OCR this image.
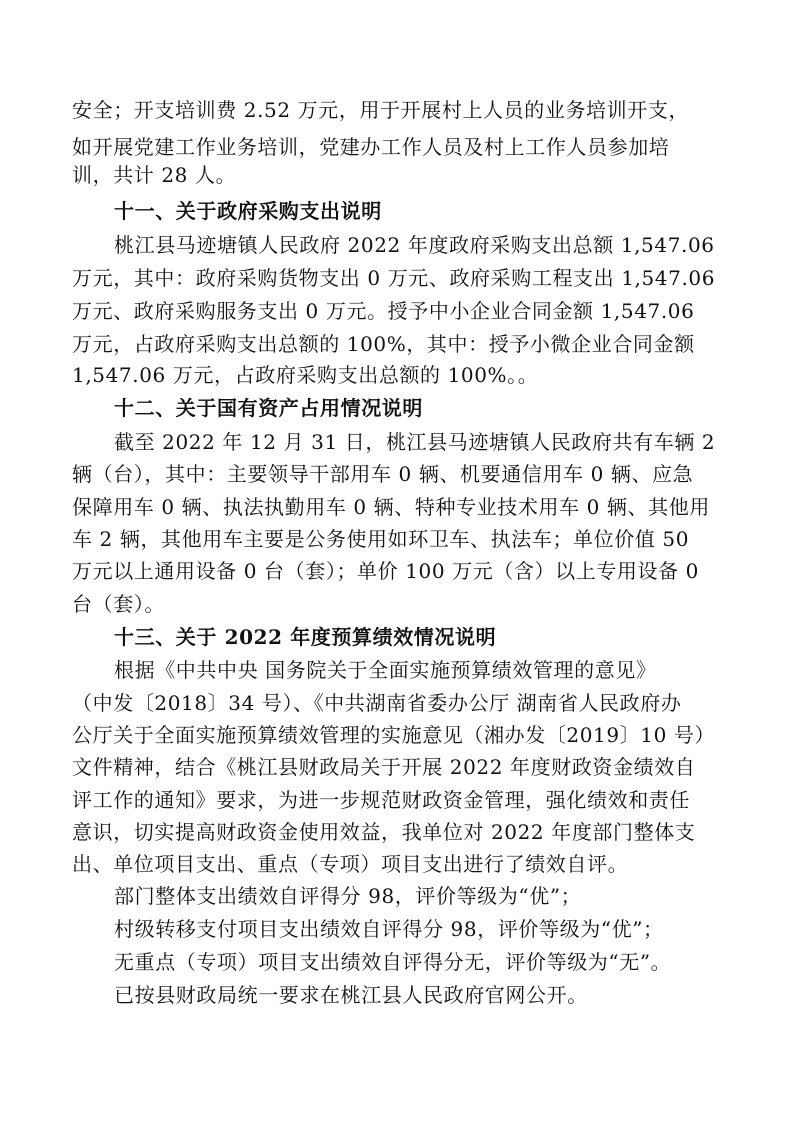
安全；开支培训费 2.52 万元，用于开展村上人员的业务培训开支，
如开展党建工作业务培训，党建办工作人员及村上工作人员参加培
训，共计 28 人。
十一、关于政府采购支出说明
桃江县马迹塘镇人民政府 2022 年度政府采购支出总额 1,547.06
万元，其中：政府采购货物支出 0 万元、政府采购工程支出 1,547.06
万元、政府采购服务支出 0 万元。授予中小企业合同金额 1,547.06
万元，占政府采购支出总额的 100%，其中：授予小微企业合同金额
1,547.06 万元，占政府采购支出总额的 100%。。
十二、关于国有资产占用情况说明
截至 2022 年 12 月 31 日，桃江县马迹塘镇人民政府共有车辆 2
辆（台），其中：主要领导干部用车 0 辆、机要通信用车 0 辆、应急
保障用车 0 辆、执法执勤用车 0 辆、特种专业技术用车 0 辆、其他用
车 2 辆，其他用车主要是公务使用如环卫车、执法车；单位价值 50
万元以上通用设备 0 台（套）；单价 100 万元（含）以上专用设备 0
台（套）。
十三、关于 2022 年度预算绩效情况说明
根据《中共中央 国务院关于全面实施预算绩效管理的意见》
（中发〔2018〕34 号）、《中共湖南省委办公厅 湖南省人民政府办
公厅关于全面实施预算绩效管理的实施意见（湘办发〔2019〕10 号）
文件精神，结合《桃江县财政局关于开展 2022 年度财政资金绩效自
评工作的通知》要求，为进一步规范财政资金管理，强化绩效和责任
意识，切实提高财政资金使用效益，我单位对 2022 年度部门整体支
出、单位项目支出、重点（专项）项目支出进行了绩效自评。
部门整体支出绩效自评得分 98，评价等级为“优”；
村级转移支付项目支出绩效自评得分 98，评价等级为“优”；
无重点（专项）项目支出绩效自评得分无，评价等级为“无”。
已按县财政局统一要求在桃江县人民政府官网公开。
